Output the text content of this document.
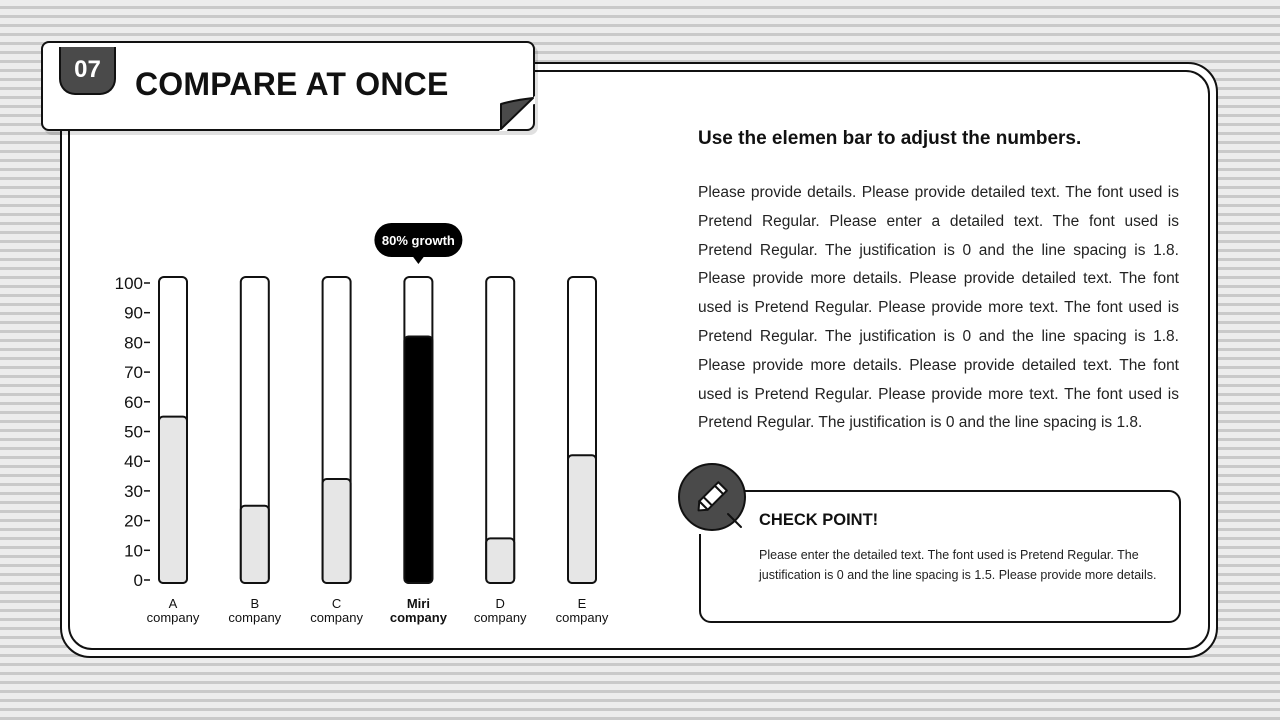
07	COMPARE AT ONCE
0
10
20
30
40
50
60
70
80
90
100
A
company
B
company
C
company
Miri
company
80% growth
D
company
E
company
Use the elemen bar to adjust the numbers.

Please provide details. Please provide detailed text. The font used is Pretend Regular. Please enter a detailed text. The font used is Pretend Regular. The justification is 0 and the line spacing is 1.8. Please provide more details. Please provide detailed text. The font used is Pretend Regular. Please provide more text. The font used is Pretend Regular. The justification is 0 and the line spacing is 1.8. Please provide more details. Please provide detailed text. The font used is Pretend Regular. Please provide more text. The font used is Pretend Regular. The justification is 0 and the line spacing is 1.8.

CHECK POINT!

Please enter the detailed text. The font used is Pretend Regular. The justification is 0 and the line spacing is 1.5. Please provide more details.
